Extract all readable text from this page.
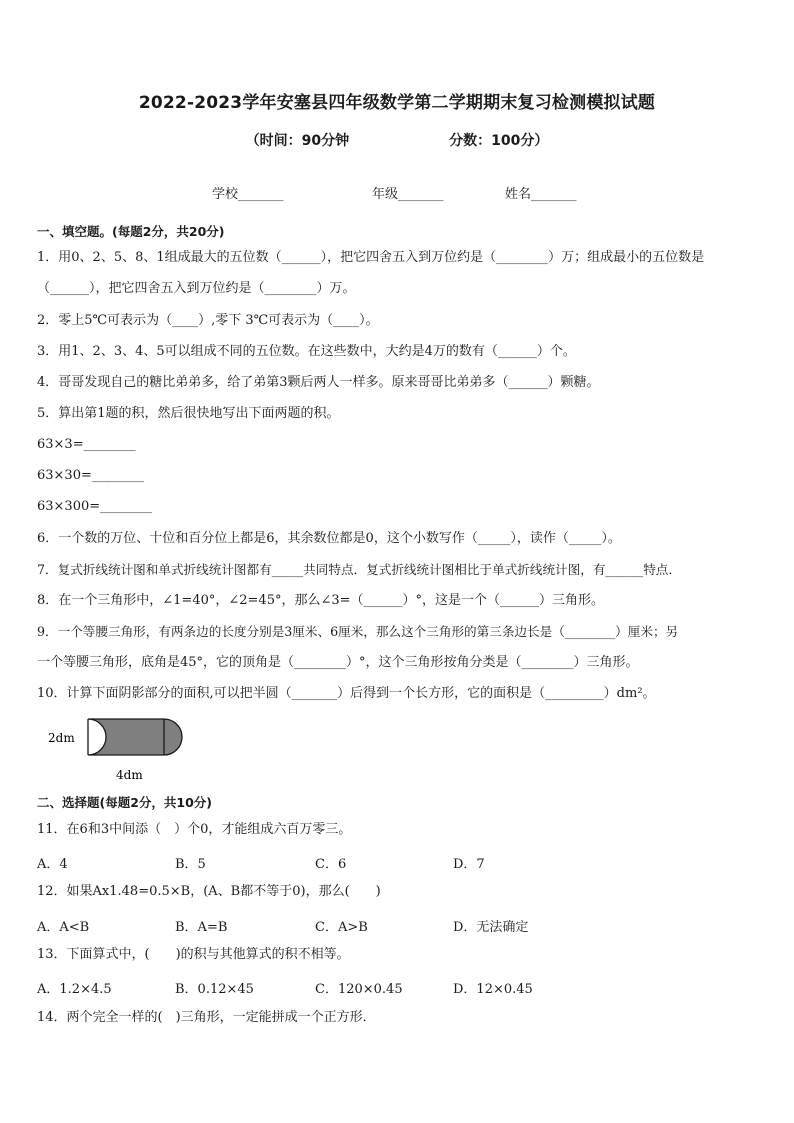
2022-2023学年安塞县四年级数学第二学期期末复习检测模拟试题
（时间：90分钟	分数：100分）
学校_______	年级_______	姓名_______
一、填空题。(每题2分，共20分)
1．用0、2、5、8、1组成最大的五位数（______），把它四舍五入到万位约是（________）万；组成最小的五位数是
（______），把它四舍五入到万位约是（________）万。
2．零上5℃可表示为（____）,零下 3℃可表示为（____）。
3．用1、2、3、4、5可以组成不同的五位数。在这些数中，大约是4万的数有（______）个。
4．哥哥发现自己的糖比弟弟多，给了弟第3颗后两人一样多。原来哥哥比弟弟多（______）颗糖。
5．算出第1题的积，然后很快地写出下面两题的积。
63×3=________
63×30=________
63×300=________
6．一个数的万位、十位和百分位上都是6，其余数位都是0，这个小数写作（_____），读作（_____）。
7．复式折线统计图和单式折线统计图都有_____共同特点．复式折线统计图相比于单式折线统计图，有______特点．
8．在一个三角形中，∠1=40°，∠2=45°，那么∠3=（______）°，这是一个（______）三角形。
9．一个等腰三角形，有两条边的长度分别是3厘米、6厘米，那么这个三角形的第三条边长是（________）厘米；另
一个等腰三角形，底角是45°，它的顶角是（________）°，这个三角形按角分类是（________）三角形。
10．计算下面阴影部分的面积,可以把半圆（_______）后得到一个长方形，它的面积是（_________）dm²。
2dm
4dm
二、选择题(每题2分，共10分)
11．在6和3中间添（　）个0，才能组成六百万零三。
A．4	B．5	C．6	D．7
12．如果Ax1.48=0.5×B，(A、B都不等于0)，那么(　　)
A．A<B	B．A=B	C．A>B	D．无法确定
13．下面算式中，(　　)的积与其他算式的积不相等。
A．1.2×4.5	B．0.12×45	C．120×0.45	D．12×0.45
14．两个完全一样的(　)三角形，一定能拼成一个正方形．
